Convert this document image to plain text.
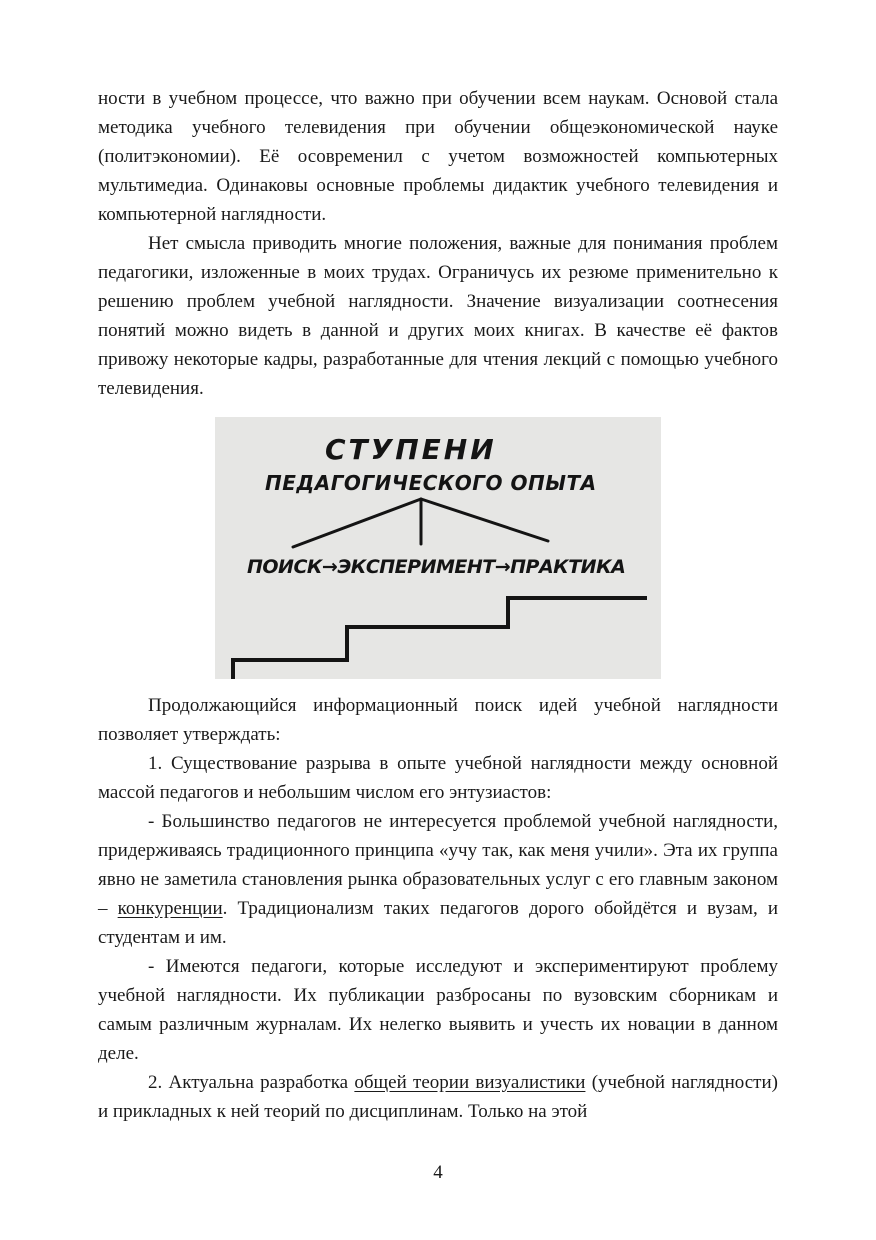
ности в учебном процессе, что важно при обучении всем наукам. Основой стала методика учебного телевидения при обучении общеэкономической науке (политэкономии). Её осовременил с учетом возможностей компьютерных мультимедиа. Одинаковы основные проблемы дидактик учебного телевидения и компьютерной наглядности.

Нет смысла приводить многие положения, важные для понимания проблем педагогики, изложенные в моих трудах. Ограничусь их резюме применительно к решению проблем учебной наглядности. Значение визуализации соотнесения понятий можно видеть в данной и других моих книгах. В качестве её фактов привожу некоторые кадры, разработанные для чтения лекций с помощью учебного телевидения.

СТУПЕНИ
ПЕДАГОГИЧЕСКОГО ОПЫТА
ПОИСК→ЭКСПЕРИМЕНТ→ПРАКТИКА

Продолжающийся информационный поиск идей учебной наглядности позволяет утверждать:

1. Существование разрыва в опыте учебной наглядности между основной массой педагогов и небольшим числом его энтузиастов:

- Большинство педагогов не интересуется проблемой учебной наглядности, придерживаясь традиционного принципа «учу так, как меня учили». Эта их группа явно не заметила становления рынка образовательных услуг с его главным законом – конкуренции. Традиционализм таких педагогов дорого обойдётся и вузам, и студентам и им.

- Имеются педагоги, которые исследуют и экспериментируют проблему учебной наглядности. Их публикации разбросаны по вузовским сборникам и самым различным журналам. Их нелегко выявить и учесть их новации в данном деле.

2. Актуальна разработка общей теории визуалистики (учебной наглядности) и прикладных к ней теорий по дисциплинам. Только на этой

4
